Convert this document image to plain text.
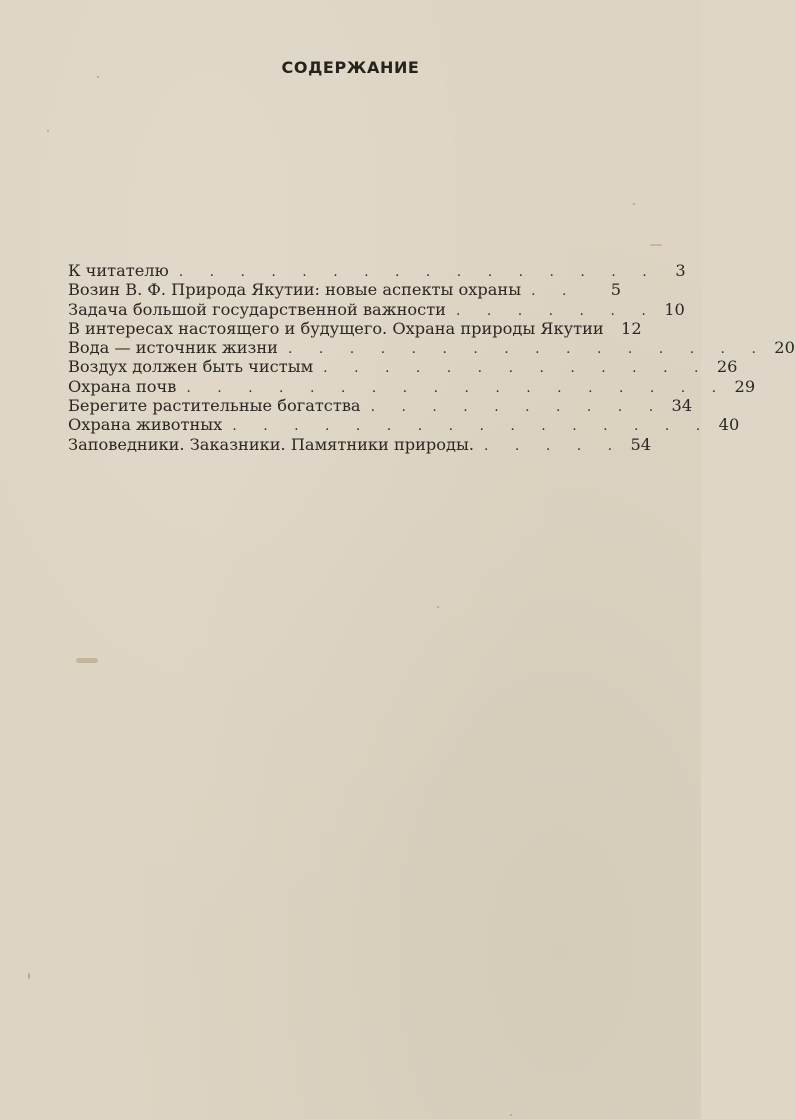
СОДЕРЖАНИЕ
К читателю . . . . . . . . . . . . . . . .	3
Возин В. Ф. Природа Якутии: новые аспекты охраны . .	5
Задача большой государственной важности . . . . . . . 10
В интересах настоящего и будущего. Охрана природы Якутии	12
Вода — источник жизни . . . . . . . . . . . . . . . . 20
Воздух должен быть чистым . . . . . . . . . . . . . 26
Охрана почв . . . . . . . . . . . . . . . . . . 29
Берегите растительные богатства . . . . . . . . . . 34
Охрана животных . . . . . . . . . . . . . . . . 40
Заповедники. Заказники. Памятники природы. . . . . . 54
